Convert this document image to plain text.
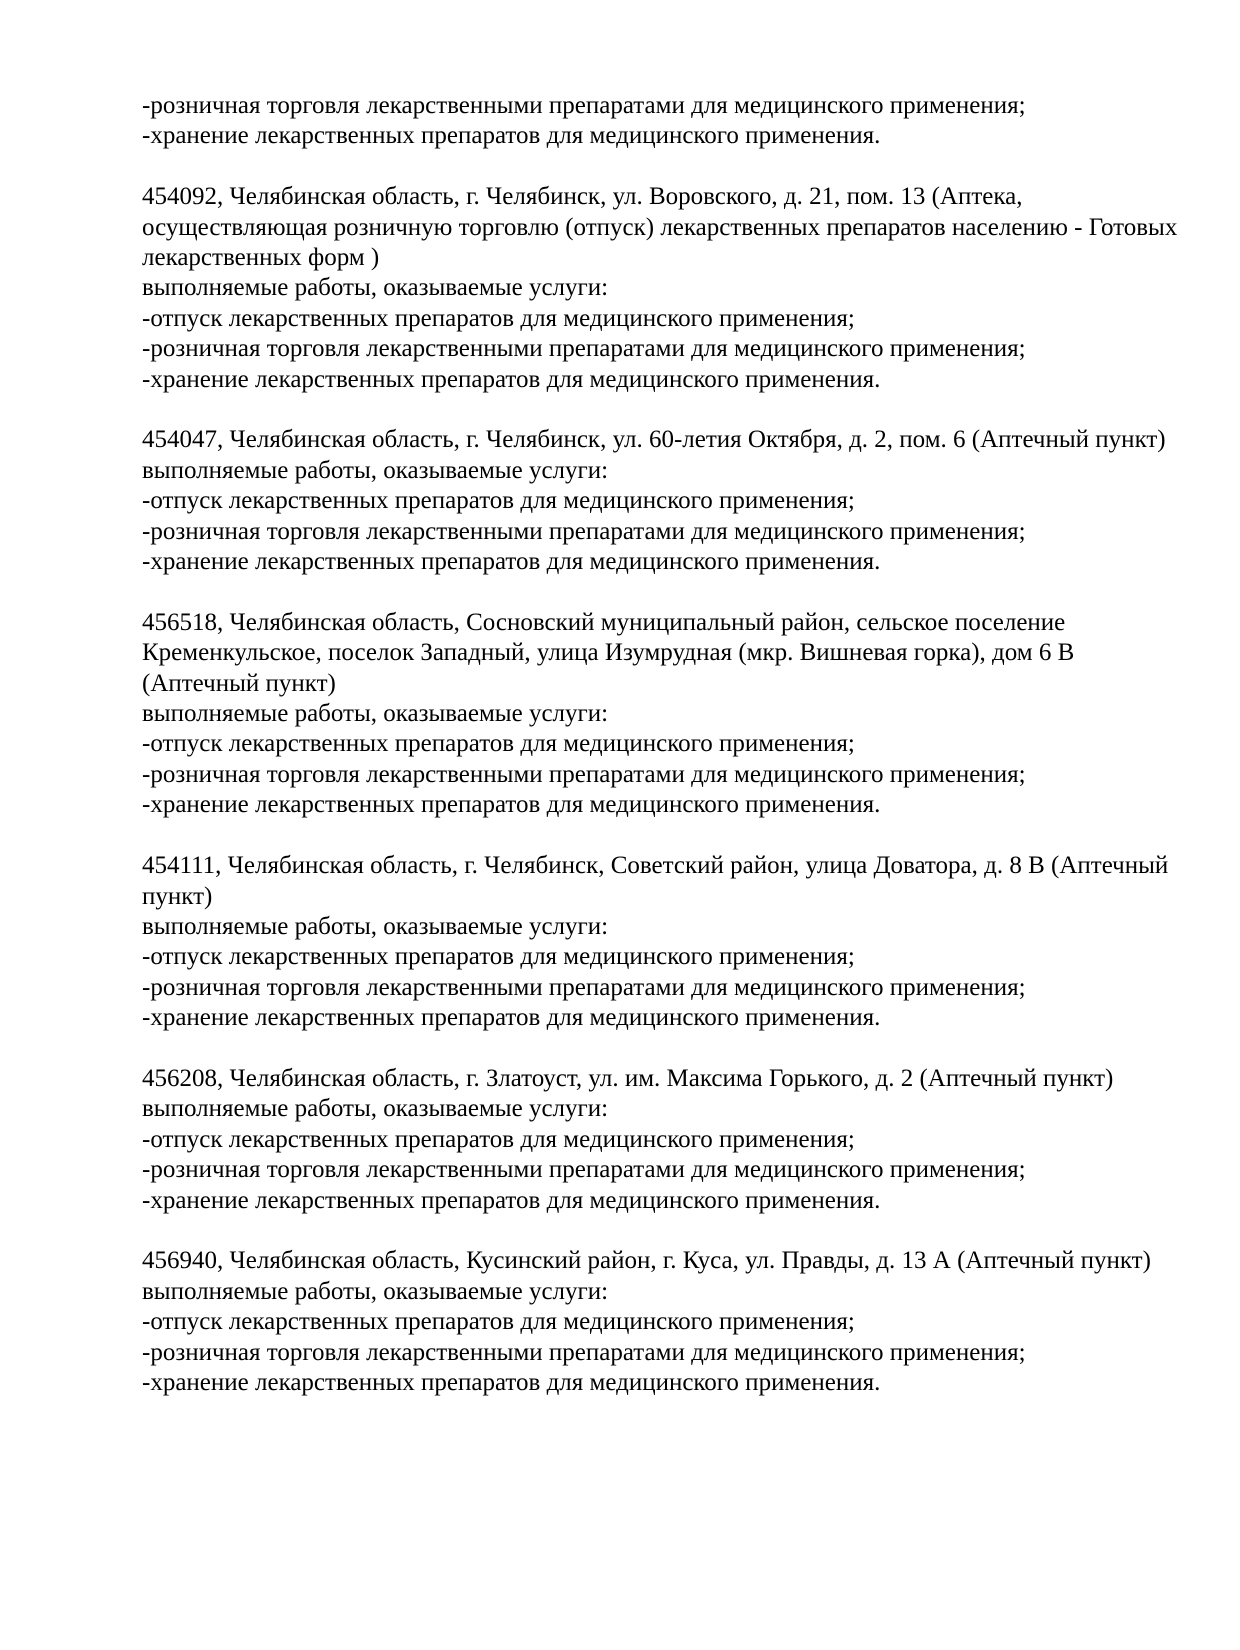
-розничная торговля лекарственными препаратами для медицинского применения;
-хранение лекарственных препаратов для медицинского применения.
454092, Челябинская область, г. Челябинск, ул. Воровского, д. 21, пом. 13 (Аптека,
осуществляющая розничную торговлю (отпуск) лекарственных препаратов населению - Готовых
лекарственных форм )
выполняемые работы, оказываемые услуги:
-отпуск лекарственных препаратов для медицинского применения;
-розничная торговля лекарственными препаратами для медицинского применения;
-хранение лекарственных препаратов для медицинского применения.
454047, Челябинская область, г. Челябинск, ул. 60-летия Октября, д. 2, пом. 6 (Аптечный пункт)
выполняемые работы, оказываемые услуги:
-отпуск лекарственных препаратов для медицинского применения;
-розничная торговля лекарственными препаратами для медицинского применения;
-хранение лекарственных препаратов для медицинского применения.
456518, Челябинская область, Сосновский муниципальный район, сельское поселение
Кременкульское, поселок Западный, улица Изумрудная (мкр. Вишневая горка), дом 6 В
(Аптечный пункт)
выполняемые работы, оказываемые услуги:
-отпуск лекарственных препаратов для медицинского применения;
-розничная торговля лекарственными препаратами для медицинского применения;
-хранение лекарственных препаратов для медицинского применения.
454111, Челябинская область, г. Челябинск, Советский район, улица Доватора, д. 8 В (Аптечный
пункт)
выполняемые работы, оказываемые услуги:
-отпуск лекарственных препаратов для медицинского применения;
-розничная торговля лекарственными препаратами для медицинского применения;
-хранение лекарственных препаратов для медицинского применения.
456208, Челябинская область, г. Златоуст, ул. им. Максима Горького, д. 2 (Аптечный пункт)
выполняемые работы, оказываемые услуги:
-отпуск лекарственных препаратов для медицинского применения;
-розничная торговля лекарственными препаратами для медицинского применения;
-хранение лекарственных препаратов для медицинского применения.
456940, Челябинская область, Кусинский район, г. Куса, ул. Правды, д. 13 А (Аптечный пункт)
выполняемые работы, оказываемые услуги:
-отпуск лекарственных препаратов для медицинского применения;
-розничная торговля лекарственными препаратами для медицинского применения;
-хранение лекарственных препаратов для медицинского применения.
